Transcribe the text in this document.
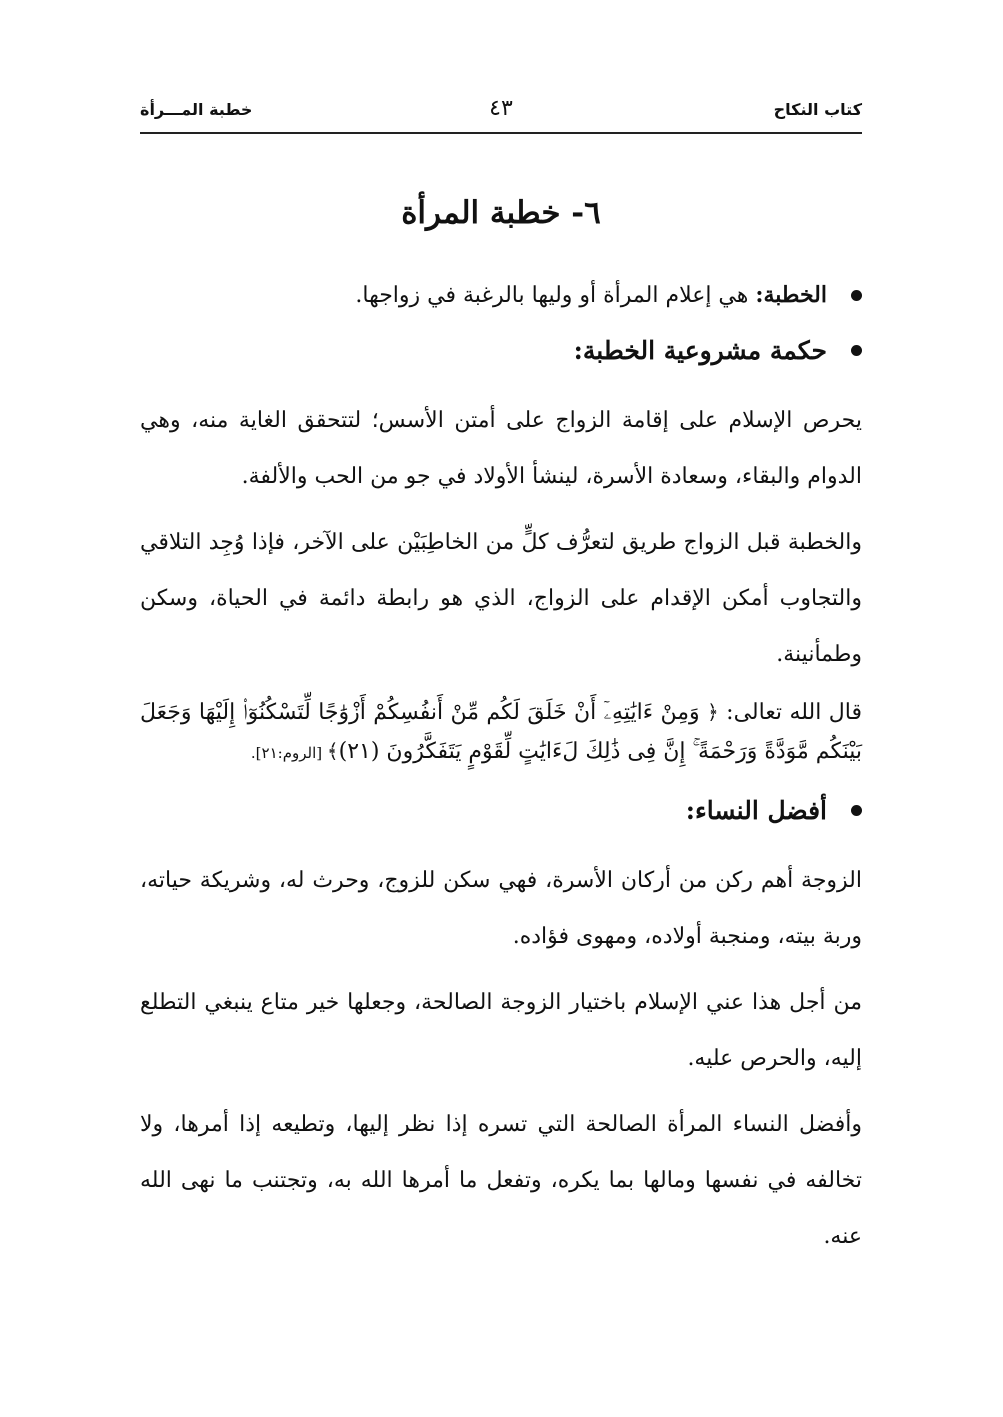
كتاب النكاح
٤٣
خطبة المـــرأة
٦- خطبة المرأة
الخطبة: هي إعلام المرأة أو وليها بالرغبة في زواجها.
حكمة مشروعية الخطبة:

يحرص الإسلام على إقامة الزواج على أمتن الأسس؛ لتتحقق الغاية منه، وهي الدوام والبقاء، وسعادة الأسرة، لينشأ الأولاد في جو من الحب والألفة.

والخطبة قبل الزواج طريق لتعرُّف كلٍّ من الخاطِبَيْن على الآخر، فإذا وُجِد التلاقي والتجاوب أمكن الإقدام على الزواج، الذي هو رابطة دائمة في الحياة، وسكن وطمأنينة.

قال الله تعالى: ﴿ وَمِنْ ءَايَٰتِهِۦٓ أَنْ خَلَقَ لَكُم مِّنْ أَنفُسِكُمْ أَزْوَٰجًا لِّتَسْكُنُوٓا۟ إِلَيْهَا وَجَعَلَ بَيْنَكُم مَّوَدَّةً وَرَحْمَةً ۚ إِنَّ فِى ذَٰلِكَ لَءَايَٰتٍ لِّقَوْمٍ يَتَفَكَّرُونَ (٢١)﴾ [الروم:٢١].

أفضل النساء:

الزوجة أهم ركن من أركان الأسرة، فهي سكن للزوج، وحرث له، وشريكة حياته، وربة بيته، ومنجبة أولاده، ومهوى فؤاده.

من أجل هذا عني الإسلام باختيار الزوجة الصالحة، وجعلها خير متاع ينبغي التطلع إليه، والحرص عليه.

وأفضل النساء المرأة الصالحة التي تسره إذا نظر إليها، وتطيعه إذا أمرها، ولا تخالفه في نفسها ومالها بما يكره، وتفعل ما أمرها الله به، وتجتنب ما نهى الله عنه.
